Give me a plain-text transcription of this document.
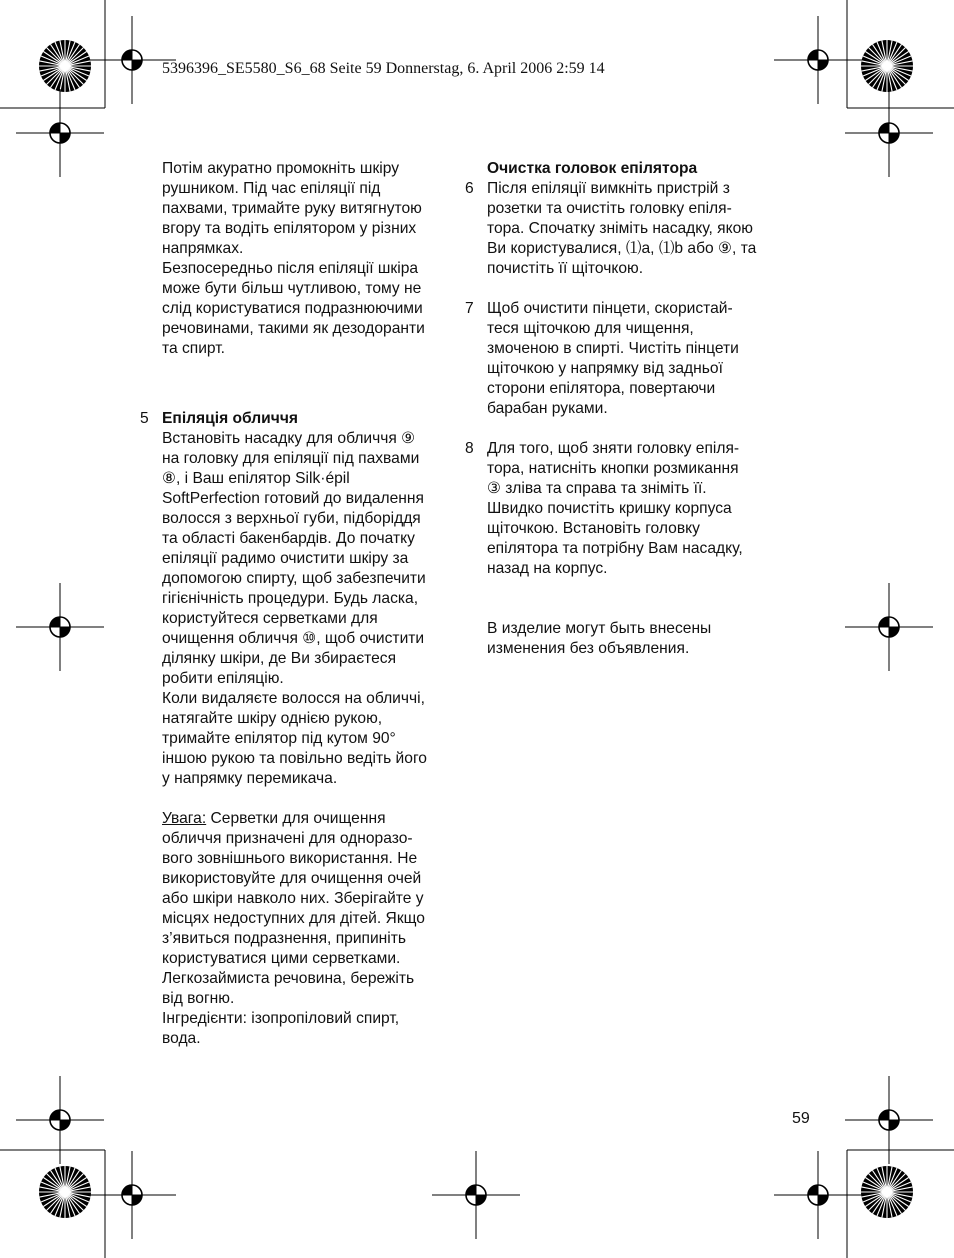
5396396_SE5580_S6_68 Seite 59 Donnerstag, 6. April 2006 2:59 14

Потім акуратно промокніть шкіру

рушником. Під час епіляції під

пахвами, тримайте руку витягнутою

вгору та водіть епілятором у різних

напрямках.

Безпосередньо після епіляції шкіра

може бути більш чутливою, тому не

слід користуватися подразнюючими

речовинами, такими як дезодоранти

та спирт.

5 Епіляція обличчя

Встановіть насадку для обличчя ⑨

на головку для епіляції під пахвами

⑧, і Ваш епілятор Silk·épil

SoftPerfection готовий до видалення

волосся з верхньої губи, підборіддя

та області бакенбардів. До початку

епіляції радимо очистити шкіру за

допомогою спирту, щоб забезпечити

гігієнічність процедури. Будь ласка,

користуйтеся серветками для

очищення обличчя ⑩, щоб очистити

ділянку шкіри, де Ви збираєтеся

робити епіляцію.

Коли видаляєте волосся на обличчі,

натягайте шкіру однією рукою,

тримайте епілятор під кутом 90°

іншою рукою та повільно ведіть його

у напрямку перемикача.

Увага: Серветки для очищення

обличчя призначені для одноразо-

вого зовнішнього використання. Не

використовуйте для очищення очей

або шкіри навколо них. Зберігайте у

місцях недоступних для дітей. Якщо

з’явиться подразнення, припиніть

користуватися цими серветками.

Легкозаймиста речовина, бережіть

від вогню.

Інгредієнти: ізопропіловий спирт,

вода.

Очистка головок епілятора

6 Після епіляції вимкніть пристрій з

розетки та очистіть головку епіля-

тора. Спочатку зніміть насадку, якою

Ви користувалися, ⑴а, ⑴b або ⑨, та

почистіть її щіточкою.

7 Щоб очистити пінцети, скористай-

теся щіточкою для чищення,

змоченою в спирті. Чистіть пінцети

щіточкою у напрямку від задньої

сторони епілятора, повертаючи

барабан руками.

8 Для того, щоб зняти головку епіля-

тора, натисніть кнопки розмикання

③ зліва та справа та зніміть її.

Швидко почистіть кришку корпуса

щіточкою. Встановіть головку

епілятора та потрібну Вам насадку,

назад на корпус.

В изделие могут быть внесены

изменения без объявления.

59
